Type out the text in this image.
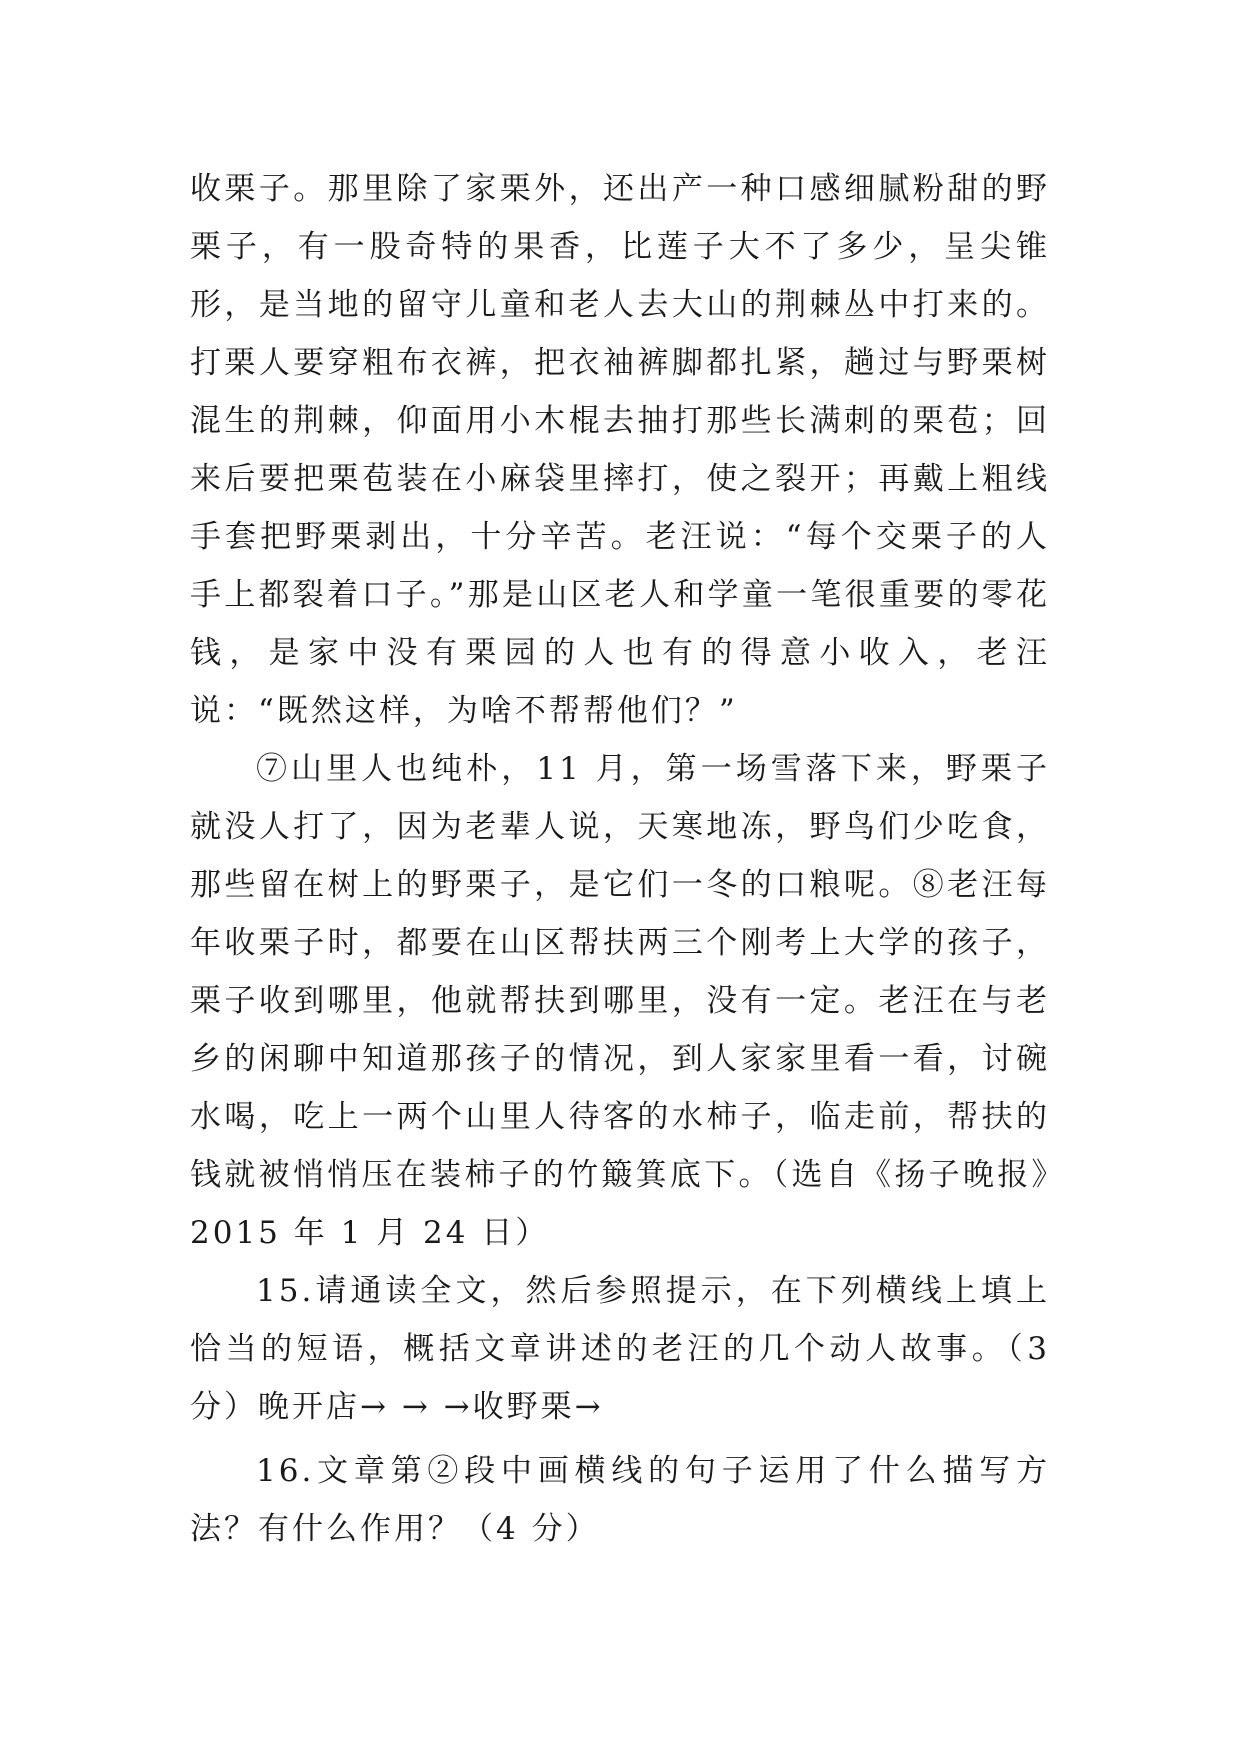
收栗子。那里除了家栗外，还出产一种口感细腻粉甜的野栗子，有一股奇特的果香，比莲子大不了多少，呈尖锥形，是当地的留守儿童和老人去大山的荆棘丛中打来的。打栗人要穿粗布衣裤，把衣袖裤脚都扎紧，趟过与野栗树混生的荆棘，仰面用小木棍去抽打那些长满刺的栗苞；回来后要把栗苞装在小麻袋里摔打，使之裂开；再戴上粗线手套把野栗剥出，十分辛苦。老汪说：“每个交栗子的人手上都裂着口子。”那是山区老人和学童一笔很重要的零花钱，是家中没有栗园的人也有的得意小收入，老汪说：“既然这样，为啥不帮帮他们？”

⑦山里人也纯朴，11 月，第一场雪落下来，野栗子就没人打了，因为老辈人说，天寒地冻，野鸟们少吃食，那些留在树上的野栗子，是它们一冬的口粮呢。⑧老汪每年收栗子时，都要在山区帮扶两三个刚考上大学的孩子，栗子收到哪里，他就帮扶到哪里，没有一定。老汪在与老乡的闲聊中知道那孩子的情况，到人家家里看一看，讨碗水喝，吃上一两个山里人待客的水柿子，临走前，帮扶的钱就被悄悄压在装柿子的竹簸箕底下。（选自《扬子晚报》2015 年 1 月 24 日）

15.请通读全文，然后参照提示，在下列横线上填上恰当的短语，概括文章讲述的老汪的几个动人故事。（3 分）晚开店→ → →收野栗→

16.文章第②段中画横线的句子运用了什么描写方法？有什么作用？（4 分）
